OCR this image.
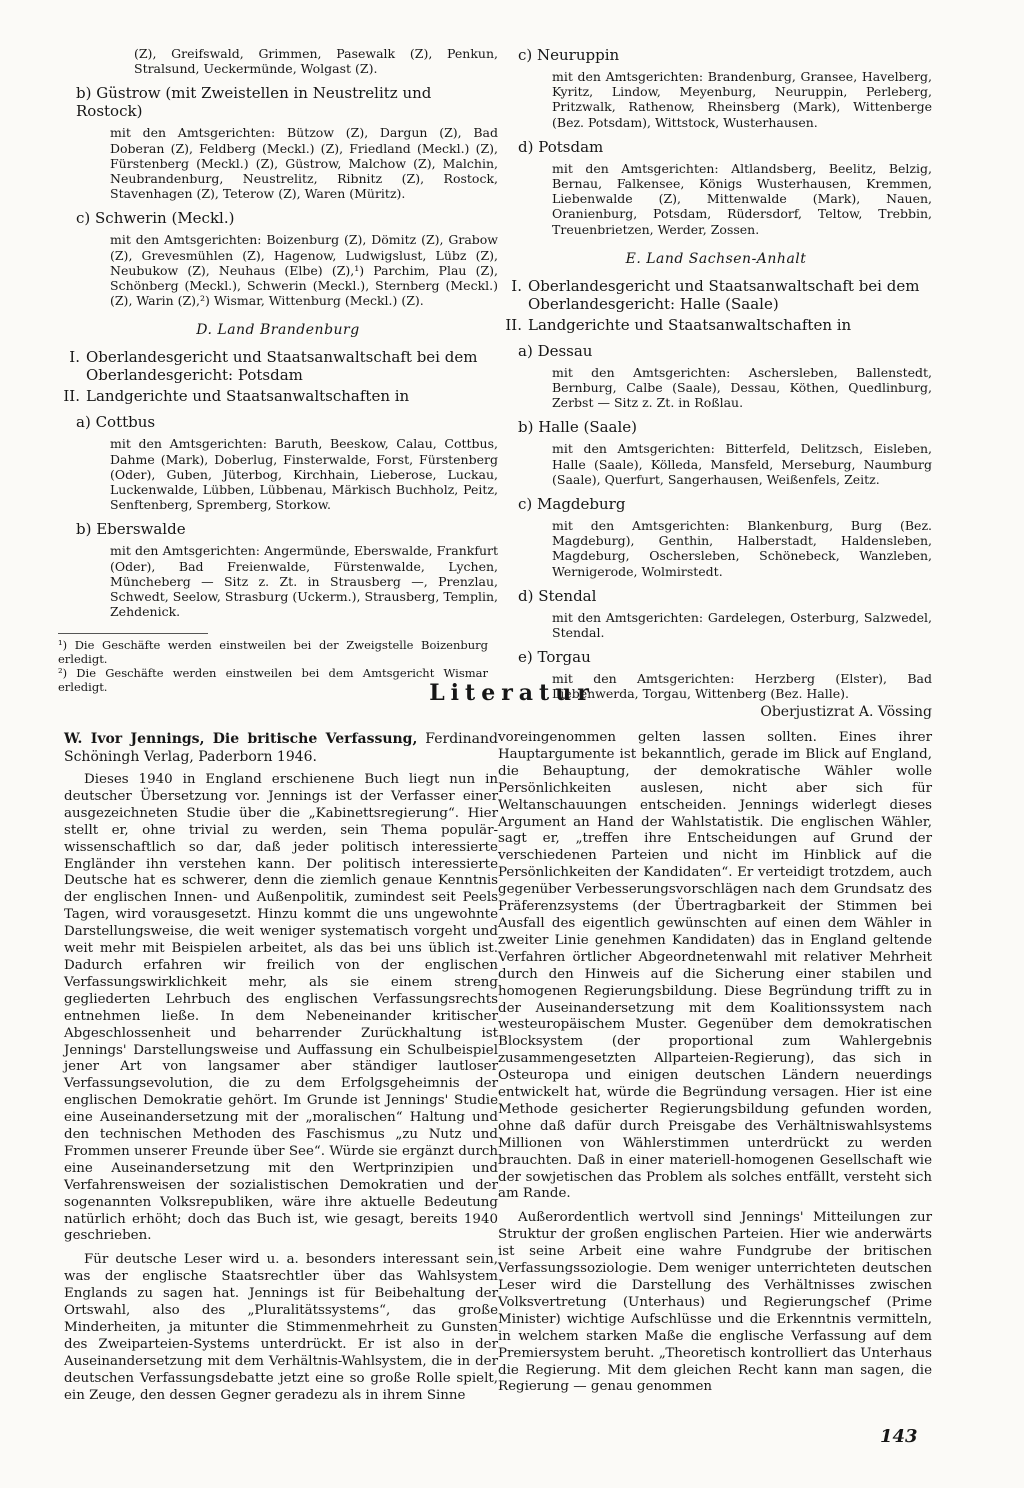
(Z), Greifswald, Grimmen, Pasewalk (Z), Penkun, Stralsund, Ueckermünde, Wolgast (Z).
b) Güstrow (mit Zweistellen in Neustrelitz und Rostock)
mit den Amtsgerichten: Bützow (Z), Dargun (Z), Bad Doberan (Z), Feldberg (Meckl.) (Z), Friedland (Meckl.) (Z), Fürstenberg (Meckl.) (Z), Güstrow, Malchow (Z), Malchin, Neubrandenburg, Neustrelitz, Ribnitz (Z), Rostock, Stavenhagen (Z), Teterow (Z), Waren (Müritz).
c) Schwerin (Meckl.)
mit den Amtsgerichten: Boizenburg (Z), Dömitz (Z), Grabow (Z), Grevesmühlen (Z), Hagenow, Ludwigslust, Lübz (Z), Neubukow (Z), Neuhaus (Elbe) (Z),¹) Parchim, Plau (Z), Schönberg (Meckl.), Schwerin (Meckl.), Sternberg (Meckl.) (Z), Warin (Z),²) Wismar, Wittenburg (Meckl.) (Z).
D. Land Brandenburg
I. Oberlandesgericht und Staatsanwaltschaft bei dem Oberlandesgericht: Potsdam
II. Landgerichte und Staatsanwaltschaften in
a) Cottbus
mit den Amtsgerichten: Baruth, Beeskow, Calau, Cottbus, Dahme (Mark), Doberlug, Finsterwalde, Forst, Fürstenberg (Oder), Guben, Jüterbog, Kirchhain, Lieberose, Luckau, Luckenwalde, Lübben, Lübbenau, Märkisch Buchholz, Peitz, Senftenberg, Spremberg, Storkow.
b) Eberswalde
mit den Amtsgerichten: Angermünde, Eberswalde, Frankfurt (Oder), Bad Freienwalde, Fürstenwalde, Lychen, Müncheberg — Sitz z. Zt. in Strausberg —, Prenzlau, Schwedt, Seelow, Strasburg (Uckerm.), Strausberg, Templin, Zehdenick.

¹) Die Geschäfte werden einstweilen bei der Zweigstelle Boizenburg erledigt.

²) Die Geschäfte werden einstweilen bei dem Amtsgericht Wismar erledigt.

c) Neuruppin
mit den Amtsgerichten: Brandenburg, Gransee, Havelberg, Kyritz, Lindow, Meyenburg, Neuruppin, Perleberg, Pritzwalk, Rathenow, Rheinsberg (Mark), Wittenberge (Bez. Potsdam), Wittstock, Wusterhausen.
d) Potsdam
mit den Amtsgerichten: Altlandsberg, Beelitz, Belzig, Bernau, Falkensee, Königs Wusterhausen, Kremmen, Liebenwalde (Z), Mittenwalde (Mark), Nauen, Oranienburg, Potsdam, Rüdersdorf, Teltow, Trebbin, Treuenbrietzen, Werder, Zossen.
E. Land Sachsen-Anhalt
I. Oberlandesgericht und Staatsanwaltschaft bei dem Oberlandesgericht: Halle (Saale)
II. Landgerichte und Staatsanwaltschaften in
a) Dessau
mit den Amtsgerichten: Aschersleben, Ballenstedt, Bernburg, Calbe (Saale), Dessau, Köthen, Quedlinburg, Zerbst — Sitz z. Zt. in Roßlau.
b) Halle (Saale)
mit den Amtsgerichten: Bitterfeld, Delitzsch, Eisleben, Halle (Saale), Kölleda, Mansfeld, Merseburg, Naumburg (Saale), Querfurt, Sangerhausen, Weißenfels, Zeitz.
c) Magdeburg
mit den Amtsgerichten: Blankenburg, Burg (Bez. Magdeburg), Genthin, Halberstadt, Haldensleben, Magdeburg, Oschersleben, Schönebeck, Wanzleben, Wernigerode, Wolmirstedt.
d) Stendal
mit den Amtsgerichten: Gardelegen, Osterburg, Salzwedel, Stendal.
e) Torgau
mit den Amtsgerichten: Herzberg (Elster), Bad Liebenwerda, Torgau, Wittenberg (Bez. Halle).
Oberjustizrat A. Vössing
Literatur
W. Ivor Jennings, Die britische Verfassung, Ferdinand Schöningh Verlag, Paderborn 1946.

Dieses 1940 in England erschienene Buch liegt nun in deutscher Übersetzung vor. Jennings ist der Verfasser einer ausgezeichneten Studie über die „Kabinettsregierung“. Hier stellt er, ohne trivial zu werden, sein Thema populär-wissenschaftlich so dar, daß jeder politisch interessierte Engländer ihn verstehen kann. Der politisch interessierte Deutsche hat es schwerer, denn die ziemlich genaue Kenntnis der englischen Innen- und Außenpolitik, zumindest seit Peels Tagen, wird vorausgesetzt. Hinzu kommt die uns ungewohnte Darstellungsweise, die weit weniger systematisch vorgeht und weit mehr mit Beispielen arbeitet, als das bei uns üblich ist. Dadurch erfahren wir freilich von der englischen Verfassungswirklichkeit mehr, als sie einem streng gegliederten Lehrbuch des englischen Verfassungsrechts entnehmen ließe. In dem Nebeneinander kritischer Abgeschlossenheit und beharrender Zurückhaltung ist Jennings' Darstellungsweise und Auffassung ein Schulbeispiel jener Art von langsamer aber ständiger lautloser Verfassungsevolution, die zu dem Erfolgsgeheimnis der englischen Demokratie gehört. Im Grunde ist Jennings' Studie eine Auseinandersetzung mit der „moralischen“ Haltung und den technischen Methoden des Faschismus „zu Nutz und Frommen unserer Freunde über See“. Würde sie ergänzt durch eine Auseinandersetzung mit den Wertprinzipien und Verfahrensweisen der sozialistischen Demokratien und der sogenannten Volksrepubliken, wäre ihre aktuelle Bedeutung natürlich erhöht; doch das Buch ist, wie gesagt, bereits 1940 geschrieben.

Für deutsche Leser wird u. a. besonders interessant sein, was der englische Staatsrechtler über das Wahlsystem Englands zu sagen hat. Jennings ist für Beibehaltung der Ortswahl, also des „Pluralitätssystems“, das große Minderheiten, ja mitunter die Stimmenmehrheit zu Gunsten des Zweiparteien-Systems unterdrückt. Er ist also in der Auseinandersetzung mit dem Verhältnis-Wahlsystem, die in der deutschen Verfassungsdebatte jetzt eine so große Rolle spielt, ein Zeuge, den dessen Gegner geradezu als in ihrem Sinne

voreingenommen gelten lassen sollten. Eines ihrer Hauptargumente ist bekanntlich, gerade im Blick auf England, die Behauptung, der demokratische Wähler wolle Persönlichkeiten auslesen, nicht aber sich für Weltanschauungen entscheiden. Jennings widerlegt dieses Argument an Hand der Wahlstatistik. Die englischen Wähler, sagt er, „treffen ihre Entscheidungen auf Grund der verschiedenen Parteien und nicht im Hinblick auf die Persönlichkeiten der Kandidaten“. Er verteidigt trotzdem, auch gegenüber Verbesserungsvorschlägen nach dem Grundsatz des Präferenzsystems (der Übertragbarkeit der Stimmen bei Ausfall des eigentlich gewünschten auf einen dem Wähler in zweiter Linie genehmen Kandidaten) das in England geltende Verfahren örtlicher Abgeordnetenwahl mit relativer Mehrheit durch den Hinweis auf die Sicherung einer stabilen und homogenen Regierungsbildung. Diese Begründung trifft zu in der Auseinandersetzung mit dem Koalitionssystem nach westeuropäischem Muster. Gegenüber dem demokratischen Blocksystem (der proportional zum Wahlergebnis zusammengesetzten Allparteien-Regierung), das sich in Osteuropa und einigen deutschen Ländern neuerdings entwickelt hat, würde die Begründung versagen. Hier ist eine Methode gesicherter Regierungsbildung gefunden worden, ohne daß dafür durch Preisgabe des Verhältniswahlsystems Millionen von Wählerstimmen unterdrückt zu werden brauchten. Daß in einer materiell-homogenen Gesellschaft wie der sowjetischen das Problem als solches entfällt, versteht sich am Rande.

Außerordentlich wertvoll sind Jennings' Mitteilungen zur Struktur der großen englischen Parteien. Hier wie anderwärts ist seine Arbeit eine wahre Fundgrube der britischen Verfassungssoziologie. Dem weniger unterrichteten deutschen Leser wird die Darstellung des Verhältnisses zwischen Volksvertretung (Unterhaus) und Regierungschef (Prime Minister) wichtige Aufschlüsse und die Erkenntnis vermitteln, in welchem starken Maße die englische Verfassung auf dem Premiersystem beruht. „Theoretisch kontrolliert das Unterhaus die Regierung. Mit dem gleichen Recht kann man sagen, die Regierung — genau genommen

143
